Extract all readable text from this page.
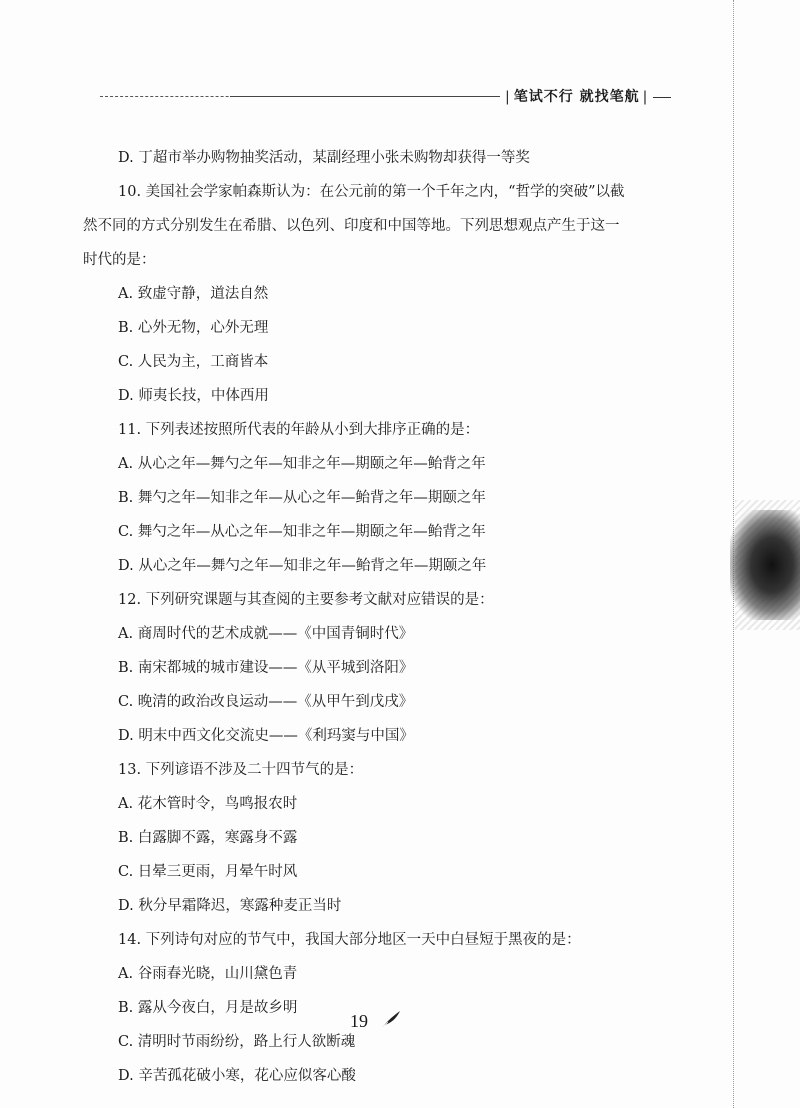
| 笔试不行 就找笔航 |
D. 丁超市举办购物抽奖活动，某副经理小张未购物却获得一等奖
10. 美国社会学家帕森斯认为：在公元前的第一个千年之内，“哲学的突破”以截
然不同的方式分别发生在希腊、以色列、印度和中国等地。下列思想观点产生于这一
时代的是：
A. 致虚守静，道法自然
B. 心外无物，心外无理
C. 人民为主，工商皆本
D. 师夷长技，中体西用
11. 下列表述按照所代表的年龄从小到大排序正确的是：
A. 从心之年—舞勺之年—知非之年—期颐之年—鲐背之年
B. 舞勺之年—知非之年—从心之年—鲐背之年—期颐之年
C. 舞勺之年—从心之年—知非之年—期颐之年—鲐背之年
D. 从心之年—舞勺之年—知非之年—鲐背之年—期颐之年
12. 下列研究课题与其查阅的主要参考文献对应错误的是：
A. 商周时代的艺术成就——《中国青铜时代》
B. 南宋都城的城市建设——《从平城到洛阳》
C. 晚清的政治改良运动——《从甲午到戊戌》
D. 明末中西文化交流史——《利玛窦与中国》
13. 下列谚语不涉及二十四节气的是：
A. 花木管时令，鸟鸣报农时
B. 白露脚不露，寒露身不露
C. 日晕三更雨，月晕午时风
D. 秋分早霜降迟，寒露种麦正当时
14. 下列诗句对应的节气中，我国大部分地区一天中白昼短于黑夜的是：
A. 谷雨春光晓，山川黛色青
B. 露从今夜白，月是故乡明
C. 清明时节雨纷纷，路上行人欲断魂
D. 辛苦孤花破小寒，花心应似客心酸
19
